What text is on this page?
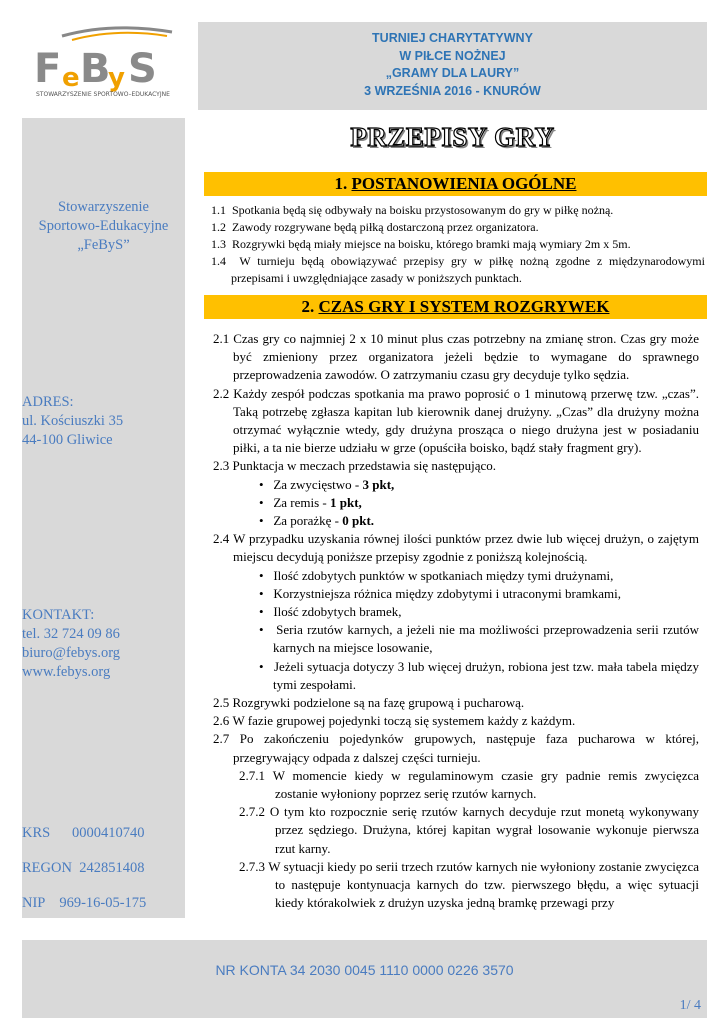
F e B
y S
STOWARZYSZENIE SPORTOWO–EDUKACYJNE
TURNIEJ CHARYTATYWNY
W PIŁCE NOŻNEJ
„GRAMY DLA LAURY”
3 WRZEŚNIA 2016 - KNURÓW
Stowarzyszenie
Sportowo-Edukacyjne
„FeByS”
ADRES:
ul. Kościuszki 35
44-100 Gliwice
KONTAKT:
tel. 32 724 09 86
biuro@febys.org
www.febys.org
KRS      0000410740
REGON  242851408
NIP    969-16-05-175
PRZEPISY GRY
1. POSTANOWIENIA OGÓLNE
1.1 Spotkania będą się odbywały na boisku przystosowanym do gry w piłkę nożną.
1.2 Zawody rozgrywane będą piłką dostarczoną przez organizatora.
1.3 Rozgrywki będą miały miejsce na boisku, którego bramki mają wymiary 2m x 5m.
1.4 W turnieju będą obowiązywać przepisy gry w piłkę nożną zgodne z międzynarodowymi przepisami i uwzględniające zasady w poniższych punktach.
2. CZAS GRY I SYSTEM ROZGRYWEK
2.1 Czas gry co najmniej 2 x 10 minut plus czas potrzebny na zmianę stron. Czas gry może być zmieniony przez organizatora jeżeli będzie to wymagane do sprawnego przeprowadzenia zawodów. O zatrzymaniu czasu gry decyduje tylko sędzia.
2.2 Każdy zespół podczas spotkania ma prawo poprosić o 1 minutową przerwę tzw. „czas”. Taką potrzebę zgłasza kapitan lub kierownik danej drużyny. „Czas” dla drużyny można otrzymać wyłącznie wtedy, gdy drużyna prosząca o niego drużyna jest w posiadaniu piłki, a ta nie bierze udziału w grze (opuściła boisko, bądź stały fragment gry).
2.3 Punktacja w meczach przedstawia się następująco.
•   Za zwycięstwo - 3 pkt,
•   Za remis - 1 pkt,
•   Za porażkę - 0 pkt.
2.4 W przypadku uzyskania równej ilości punktów przez dwie lub więcej drużyn, o zajętym miejscu decydują poniższe przepisy zgodnie z poniższą kolejnością.
•   Ilość zdobytych punktów w spotkaniach między tymi drużynami,
•   Korzystniejsza różnica między zdobytymi i utraconymi bramkami,
•   Ilość zdobytych bramek,
•   Seria rzutów karnych, a jeżeli nie ma możliwości przeprowadzenia serii rzutów karnych na miejsce losowanie,
•   Jeżeli sytuacja dotyczy 3 lub więcej drużyn, robiona jest tzw. mała tabela między tymi zespołami.
2.5 Rozgrywki podzielone są na fazę grupową i pucharową.
2.6 W fazie grupowej pojedynki toczą się systemem każdy z każdym.
2.7 Po zakończeniu pojedynków grupowych, następuje faza pucharowa w której, przegrywający odpada z dalszej części turnieju.
2.7.1 W momencie kiedy w regulaminowym czasie gry padnie remis zwycięzca zostanie wyłoniony poprzez serię rzutów karnych.
2.7.2 O tym kto rozpocznie serię rzutów karnych decyduje rzut monetą wykonywany przez sędziego. Drużyna, której kapitan wygrał losowanie wykonuje pierwsza rzut karny.
2.7.3 W sytuacji kiedy po serii trzech rzutów karnych nie wyłoniony zostanie zwycięzca to następuje kontynuacja karnych do tzw. pierwszego błędu, a więc sytuacji kiedy którakolwiek z drużyn uzyska jedną bramkę przewagi przy
NR KONTA 34 2030 0045 1110 0000 0226 3570
1/ 4
